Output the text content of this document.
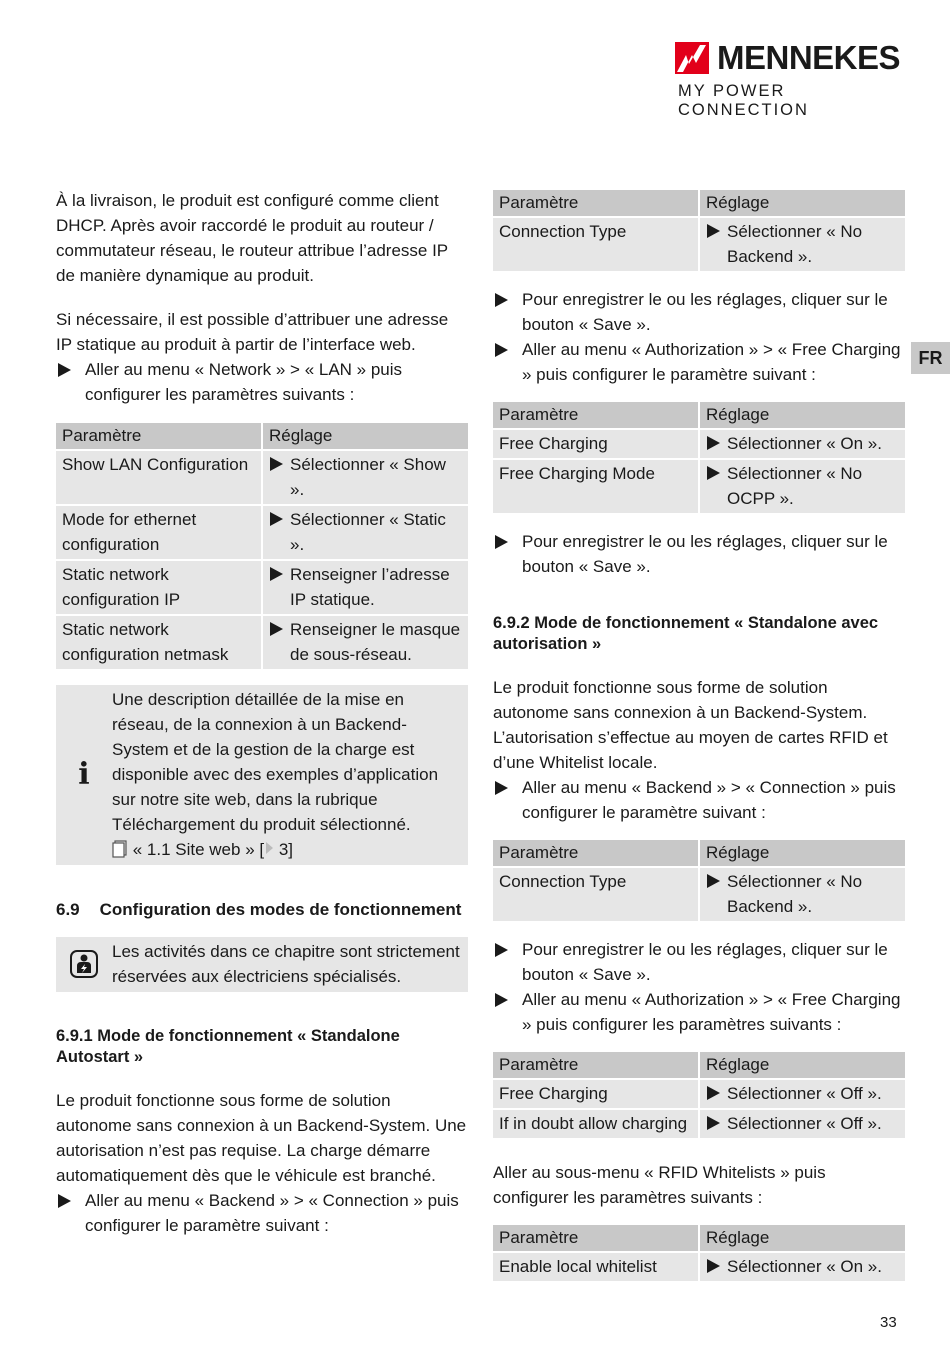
MENNEKES
MY POWER CONNECTION
FR
33

À la livraison, le produit est configuré comme client DHCP. Après avoir raccordé le produit au routeur / commutateur réseau, le routeur attribue l’adresse IP de manière dynamique au produit.

Si nécessaire, il est possible d’attribuer une adresse IP statique au produit à partir de l’interface web.

Aller au menu « Network » > « LAN » puis configurer les paramètres suivants :

Paramètre	Réglage
Show LAN Configuration	Sélectionner « Show ».

Mode for ethernet configuration	Sélectionner « Static ».

Static network configuration IP	Renseigner l’adresse IP statique.

Static network configuration netmask	Renseigner le masque de sous-réseau.
i
Une description détaillée de la mise en réseau, de la connexion à un Backend-System et de la gestion de la charge est disponible avec des exemples d’application sur notre site web, dans la rubrique Téléchargement du produit sélectionné.
« 1.1 Site web » [ 3]
6.9 Configuration des modes de fonctionnement
Les activités dans ce chapitre sont strictement réservées aux électriciens spécialisés.
6.9.1 Mode de fonctionnement « Standalone Autostart »

Le produit fonctionne sous forme de solution autonome sans connexion à un Backend-System. Une autorisation n’est pas requise. La charge démarre automatiquement dès que le véhicule est branché.

Aller au menu « Backend » > « Connection » puis configurer le paramètre suivant :

Paramètre	Réglage
Connection Type	Sélectionner « No Backend ».

Pour enregistrer le ou les réglages, cliquer sur le bouton « Save ».

Aller au menu « Authorization » > « Free Charging » puis configurer le paramètre suivant :

Paramètre	Réglage
Free Charging	Sélectionner « On ».

Free Charging Mode	Sélectionner « No OCPP ».

Pour enregistrer le ou les réglages, cliquer sur le bouton « Save ».

6.9.2 Mode de fonctionnement « Standalone avec autorisation »

Le produit fonctionne sous forme de solution autonome sans connexion à un Backend-System. L’autorisation s’effectue au moyen de cartes RFID et d’une Whitelist locale.

Aller au menu « Backend » > « Connection » puis configurer le paramètre suivant :

Paramètre	Réglage
Connection Type	Sélectionner « No Backend ».

Pour enregistrer le ou les réglages, cliquer sur le bouton « Save ».

Aller au menu « Authorization » > « Free Charging » puis configurer les paramètres suivants :

Paramètre	Réglage
Free Charging	Sélectionner « Off ».

If in doubt allow charging	Sélectionner « Off ».

Aller au sous-menu « RFID Whitelists » puis configurer les paramètres suivants :

Paramètre	Réglage
Enable local whitelist	Sélectionner « On ».
